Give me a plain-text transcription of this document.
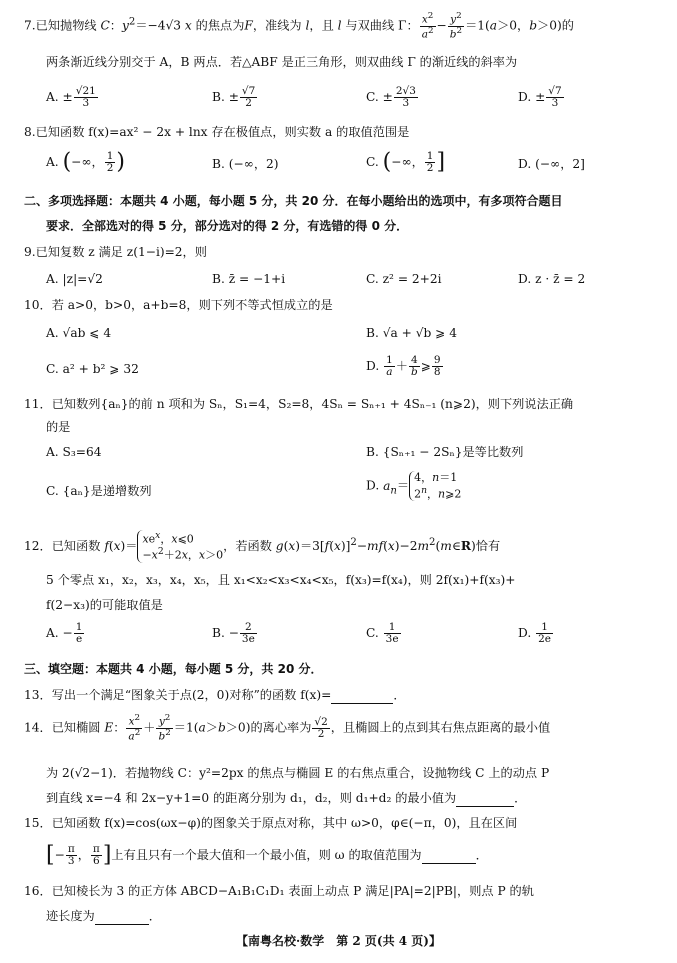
7.已知抛物线 C：$y^2=-4√3$ x 的焦点为F，准线为 l，且 l 与双曲线 Γ： $\frac{x^2}{a^2} - \frac{y^2}{b^2} =1(a>0$，b＞0)的
两条渐近线分别交于 A，B 两点．若△ABF 是正三角形，则双曲线 Γ 的渐近线的斜率为
A. ± $\frac{√21}{3}$	B. ± $\frac{√7}{2}$	C. ± $\frac{2√3}{3}$	D. ± $\frac{√7}{3}$
8.已知函数 f(x)=ax² − 2x + lnx 存在极值点，则实数 a 的取值范围是
A. (−∞， $\frac{1}{2}$ )	B. (−∞，2)	C. (−∞， $\frac{1}{2}$ ]	D. (−∞，2]
二、多项选择题：本题共 4 小题，每小题 5 分，共 20 分．在每小题给出的选项中，有多项符合题目
要求．全部选对的得 5 分，部分选对的得 2 分，有选错的得 0 分．
9.已知复数 z 满足 z(1−i)=2，则
A. |z|=√2	B. z̄ = −1+i	C. z² = 2+2i	D. z · z̄ = 2
10．若 a>0，b>0，a+b=8，则下列不等式恒成立的是
A. √ab ⩽ 4	B. √a + √b ⩾ 4
C. a² + b² ⩾ 32	D. $\frac{1}{a} + \frac{4}{b}$ ⩾ $\frac{9}{8}$
11．已知数列{aₙ}的前 n 项和为 Sₙ，S₁=4，S₂=8，4Sₙ = Sₙ₊₁ + 4Sₙ₋₁ (n⩾2)，则下列说法正确
的是
A. S₃=64	B. {Sₙ₊₁ − 2Sₙ}是等比数列
C. {aₙ}是递增数列	D. $a_n=4$，n＝1
2$^n$，n⩾2
12．已知函数 $f(x)= xe^x$，x⩽0
$-x^2+2x$，x＞0，若函数 $g(x)=3[f(x)]^2-mf(x)-2m^2(m\in R)$恰有
5 个零点 x₁，x₂，x₃，x₄，x₅，且 x₁<x₂<x₃<x₄<x₅，f(x₃)=f(x₄)，则 2f(x₁)+f(x₃)+
f(2−x₃)的可能取值是
A. − $\frac{1}{e}$	B. − $\frac{2}{3e}$	C. $\frac{1}{3e}$	D. $\frac{1}{2e}$
三、填空题：本题共 4 小题，每小题 5 分，共 20 分．
13．写出一个满足“图象关于点(2，0)对称”的函数 f(x)=	．
14．已知椭圆 E： $\frac{x^2}{a^2} + \frac{y^2}{b^2} =1(a>b>0)$的离心率为 $\frac{√2}{2}$ ，且椭圆上的点到其右焦点距离的最小值
为 2(√2−1)．若抛物线 C：y²=2px 的焦点与椭圆 E 的右焦点重合，设抛物线 C 上的动点 P
到直线 x=−4 和 2x−y+1=0 的距离分别为 d₁，d₂，则 d₁+d₂ 的最小值为	．
15．已知函数 f(x)=cos(ωx−φ)的图象关于原点对称，其中 ω>0，φ∈(−π，0)，且在区间
[− $\frac{\pi}{3}$ ， $\frac{\pi}{6}$ ]上有且只有一个最大值和一个最小值，则 ω 的取值范围为	．
16．已知棱长为 3 的正方体 ABCD−A₁B₁C₁D₁ 表面上动点 P 满足|PA|=2|PB|，则点 P 的轨
迹长度为	．
【南粤名校·数学　第 2 页(共 4 页)】
